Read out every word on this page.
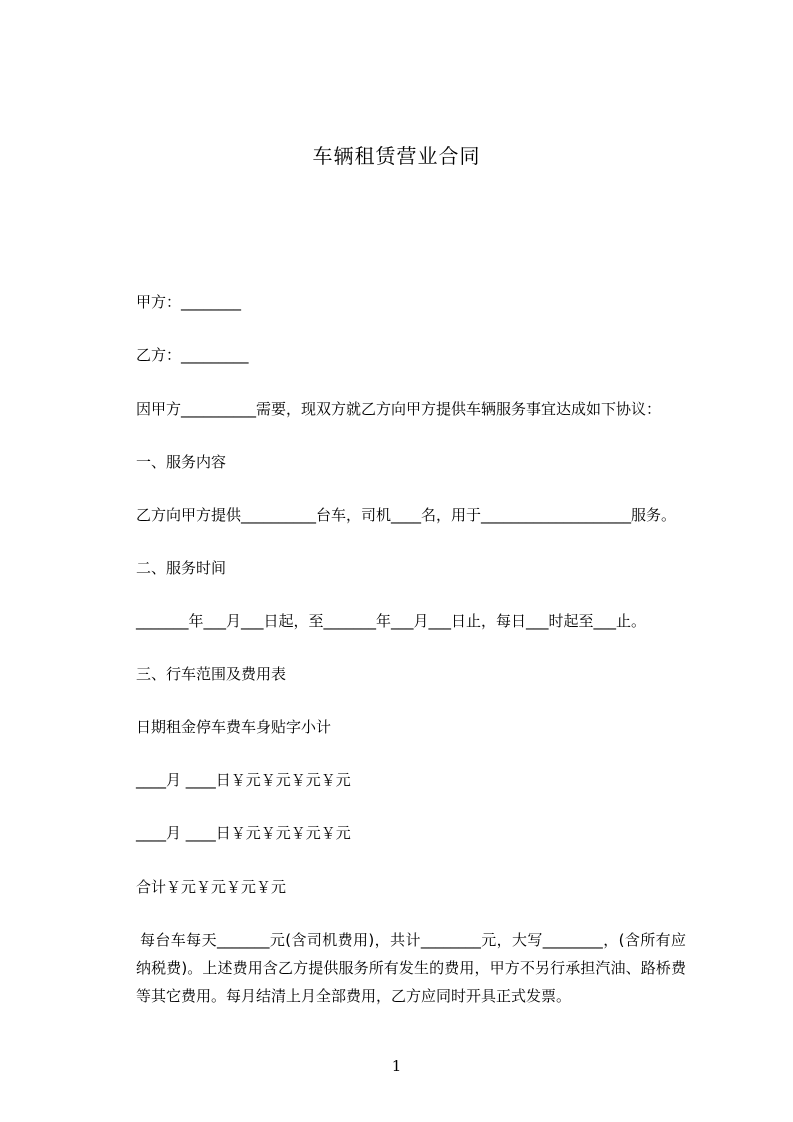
车辆租赁营业合同

甲方：________

乙方：_________

因甲方__________需要，现双方就乙方向甲方提供车辆服务事宜达成如下协议：

一、服务内容

乙方向甲方提供__________台车，司机____名，用于____________________服务。

二、服务时间

_______年___月___日起，至_______年___月___日止，每日___时起至___止。

三、行车范围及费用表

日期租金停车费车身贴字小计

____月 ____日￥元￥元￥元￥元

____月 ____日￥元￥元￥元￥元

合计￥元￥元￥元￥元

每台车每天_______元(含司机费用)，共计________元，大写________，(含所有应纳税费)。上述费用含乙方提供服务所有发生的费用，甲方不另行承担汽油、路桥费等其它费用。每月结清上月全部费用，乙方应同时开具正式发票。

1
